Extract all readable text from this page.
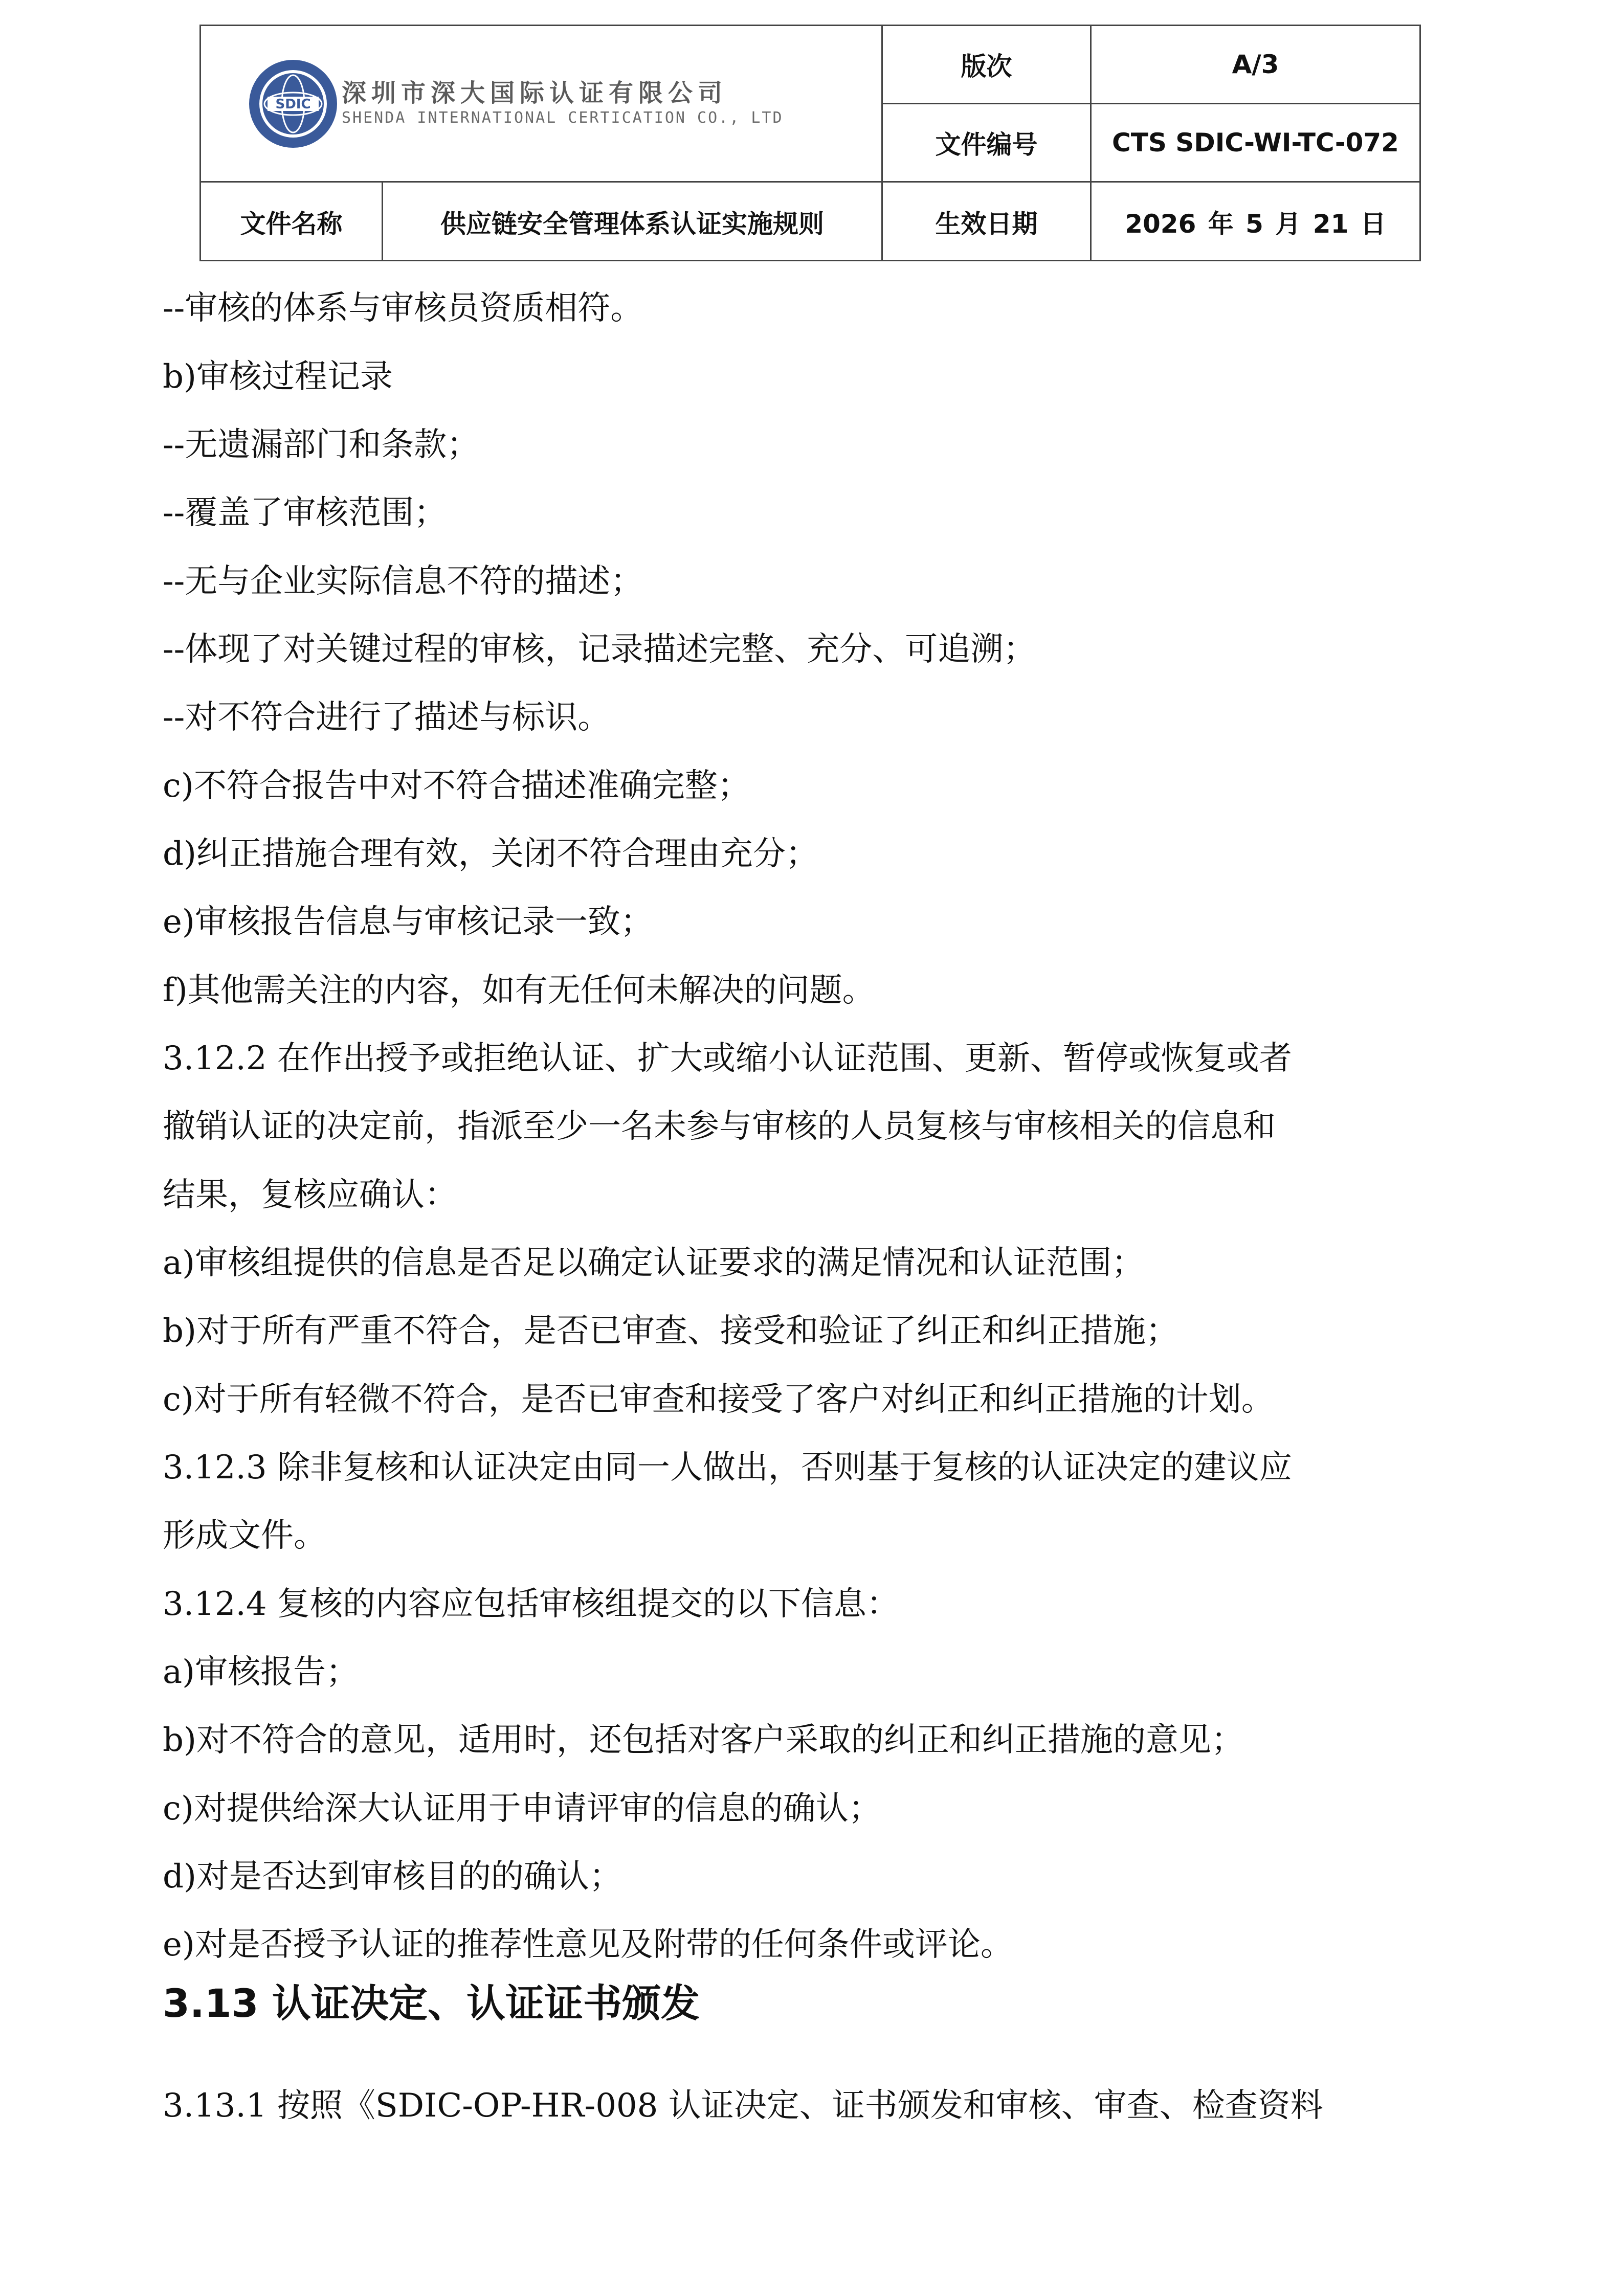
SDIC 深圳市深大国际认证有限公司
SHENDA INTERNATIONAL CERTICATION CO., LTD
版次	A/3
文件编号	CTS SDIC-WI-TC-072
文件名称	供应链安全管理体系认证实施规则	生效日期	2026 年 5 月 21 日
--审核的体系与审核员资质相符。
b)审核过程记录
--无遗漏部门和条款；
--覆盖了审核范围；
--无与企业实际信息不符的描述；
--体现了对关键过程的审核，记录描述完整、充分、可追溯；
--对不符合进行了描述与标识。
c)不符合报告中对不符合描述准确完整；
d)纠正措施合理有效，关闭不符合理由充分；
e)审核报告信息与审核记录一致；
f)其他需关注的内容，如有无任何未解决的问题。
3.12.2 在作出授予或拒绝认证、扩大或缩小认证范围、更新、暂停或恢复或者
撤销认证的决定前，指派至少一名未参与审核的人员复核与审核相关的信息和
结果，复核应确认：
a)审核组提供的信息是否足以确定认证要求的满足情况和认证范围；
b)对于所有严重不符合，是否已审查、接受和验证了纠正和纠正措施；
c)对于所有轻微不符合，是否已审查和接受了客户对纠正和纠正措施的计划。
3.12.3 除非复核和认证决定由同一人做出，否则基于复核的认证决定的建议应
形成文件。
3.12.4 复核的内容应包括审核组提交的以下信息：
a)审核报告；
b)对不符合的意见，适用时，还包括对客户采取的纠正和纠正措施的意见；
c)对提供给深大认证用于申请评审的信息的确认；
d)对是否达到审核目的的确认；
e)对是否授予认证的推荐性意见及附带的任何条件或评论。
3.13 认证决定、认证证书颁发
3.13.1 按照《SDIC-OP-HR-008 认证决定、证书颁发和审核、审查、检查资料
